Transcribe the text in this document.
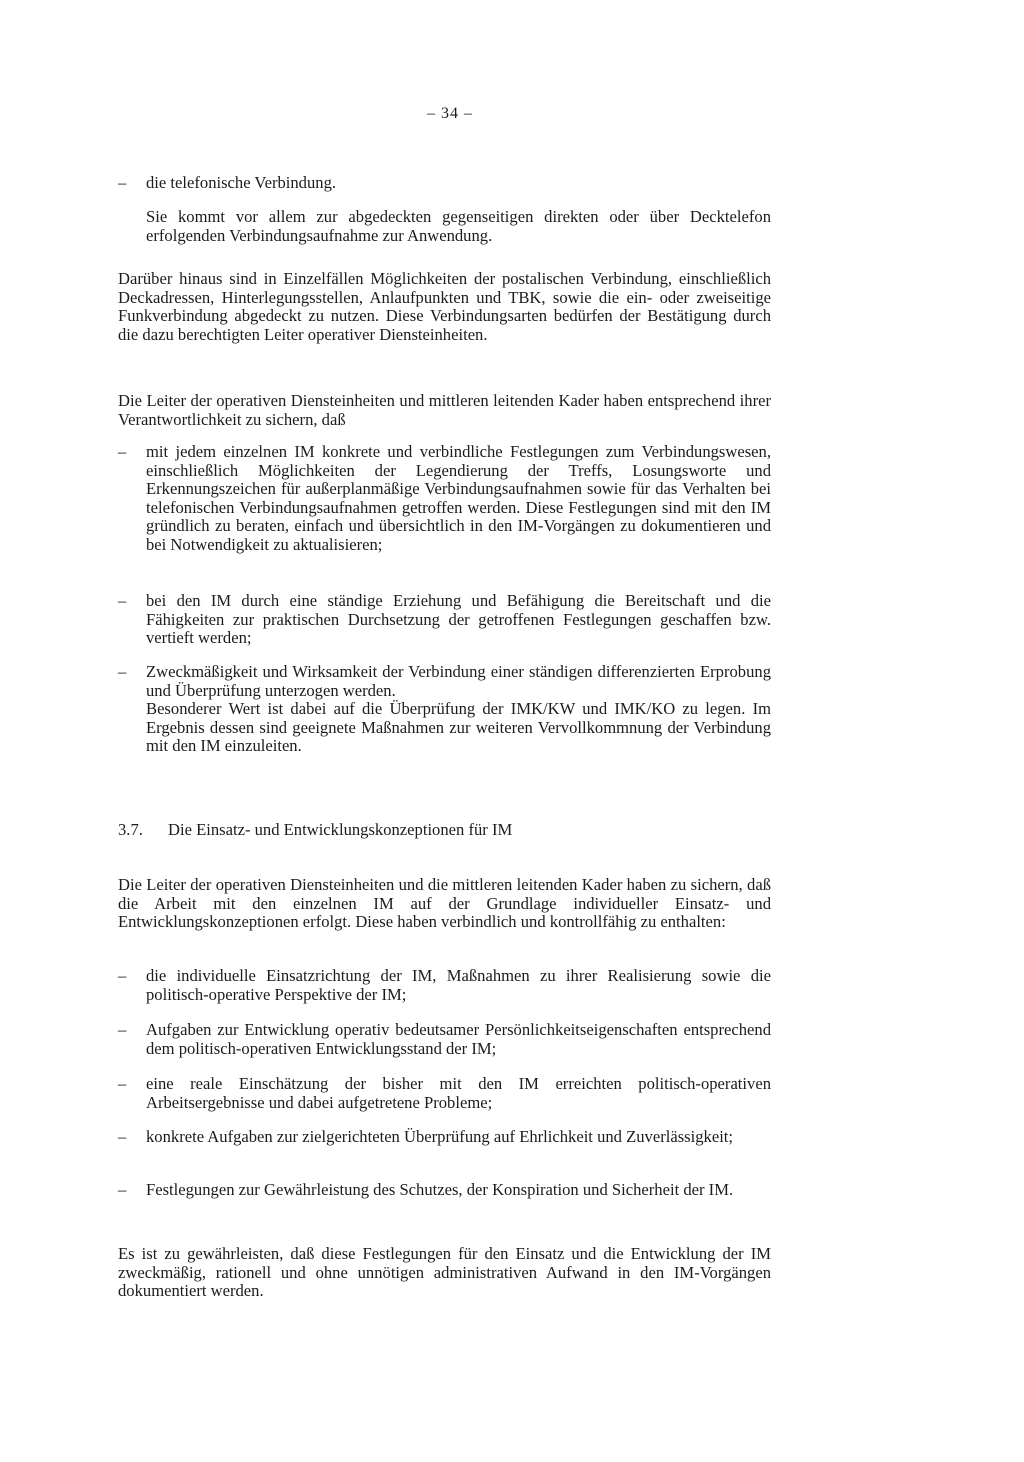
– 34 –
–	die telefonische Verbindung.
Sie kommt vor allem zur abgedeckten gegenseitigen direkten oder über Decktelefon erfolgenden Verbindungsaufnahme zur Anwendung.
Darüber hinaus sind in Einzelfällen Möglichkeiten der postalischen Verbindung, einschließlich Deckadressen, Hinterlegungsstellen, Anlaufpunkten und TBK, sowie die ein- oder zweiseitige Funkverbindung abgedeckt zu nutzen. Diese Verbindungsarten bedürfen der Bestätigung durch die dazu berechtigten Leiter operativer Diensteinheiten.
Die Leiter der operativen Diensteinheiten und mittleren leitenden Kader haben entsprechend ihrer Verantwortlichkeit zu sichern, daß
–	mit jedem einzelnen IM konkrete und verbindliche Festlegungen zum Verbindungswesen, einschließlich Möglichkeiten der Legendierung der Treffs, Losungsworte und Erkennungszeichen für außerplanmäßige Verbindungsaufnahmen sowie für das Verhalten bei telefonischen Verbindungsaufnahmen getroffen werden. Diese Festlegungen sind mit den IM gründlich zu beraten, einfach und übersichtlich in den IM-Vorgängen zu dokumentieren und bei Notwendigkeit zu aktualisieren;
–	bei den IM durch eine ständige Erziehung und Befähigung die Bereitschaft und die Fähigkeiten zur praktischen Durchsetzung der getroffenen Festlegungen geschaffen bzw. vertieft werden;
–	Zweckmäßigkeit und Wirksamkeit der Verbindung einer ständigen differenzierten Erprobung und Überprüfung unterzogen werden.
Besonderer Wert ist dabei auf die Überprüfung der IMK/KW und IMK/KO zu legen. Im Ergebnis dessen sind geeignete Maßnahmen zur weiteren Vervollkommnung der Verbindung mit den IM einzuleiten.
3.7. Die Einsatz- und Entwicklungskonzeptionen für IM
Die Leiter der operativen Diensteinheiten und die mittleren leitenden Kader haben zu sichern, daß die Arbeit mit den einzelnen IM auf der Grundlage individueller Einsatz- und Entwicklungskonzeptionen erfolgt. Diese haben verbindlich und kontrollfähig zu enthalten:
–	die individuelle Einsatzrichtung der IM, Maßnahmen zu ihrer Realisierung sowie die politisch-operative Perspektive der IM;
–	Aufgaben zur Entwicklung operativ bedeutsamer Persönlichkeitseigenschaften entsprechend dem politisch-operativen Entwicklungsstand der IM;
–	eine reale Einschätzung der bisher mit den IM erreichten politisch-operativen Arbeitsergebnisse und dabei aufgetretene Probleme;
–	konkrete Aufgaben zur zielgerichteten Überprüfung auf Ehrlichkeit und Zuverlässigkeit;
–	Festlegungen zur Gewährleistung des Schutzes, der Konspiration und Sicherheit der IM.
Es ist zu gewährleisten, daß diese Festlegungen für den Einsatz und die Entwicklung der IM zweckmäßig, rationell und ohne unnötigen administrativen Aufwand in den IM-Vorgängen dokumentiert werden.
